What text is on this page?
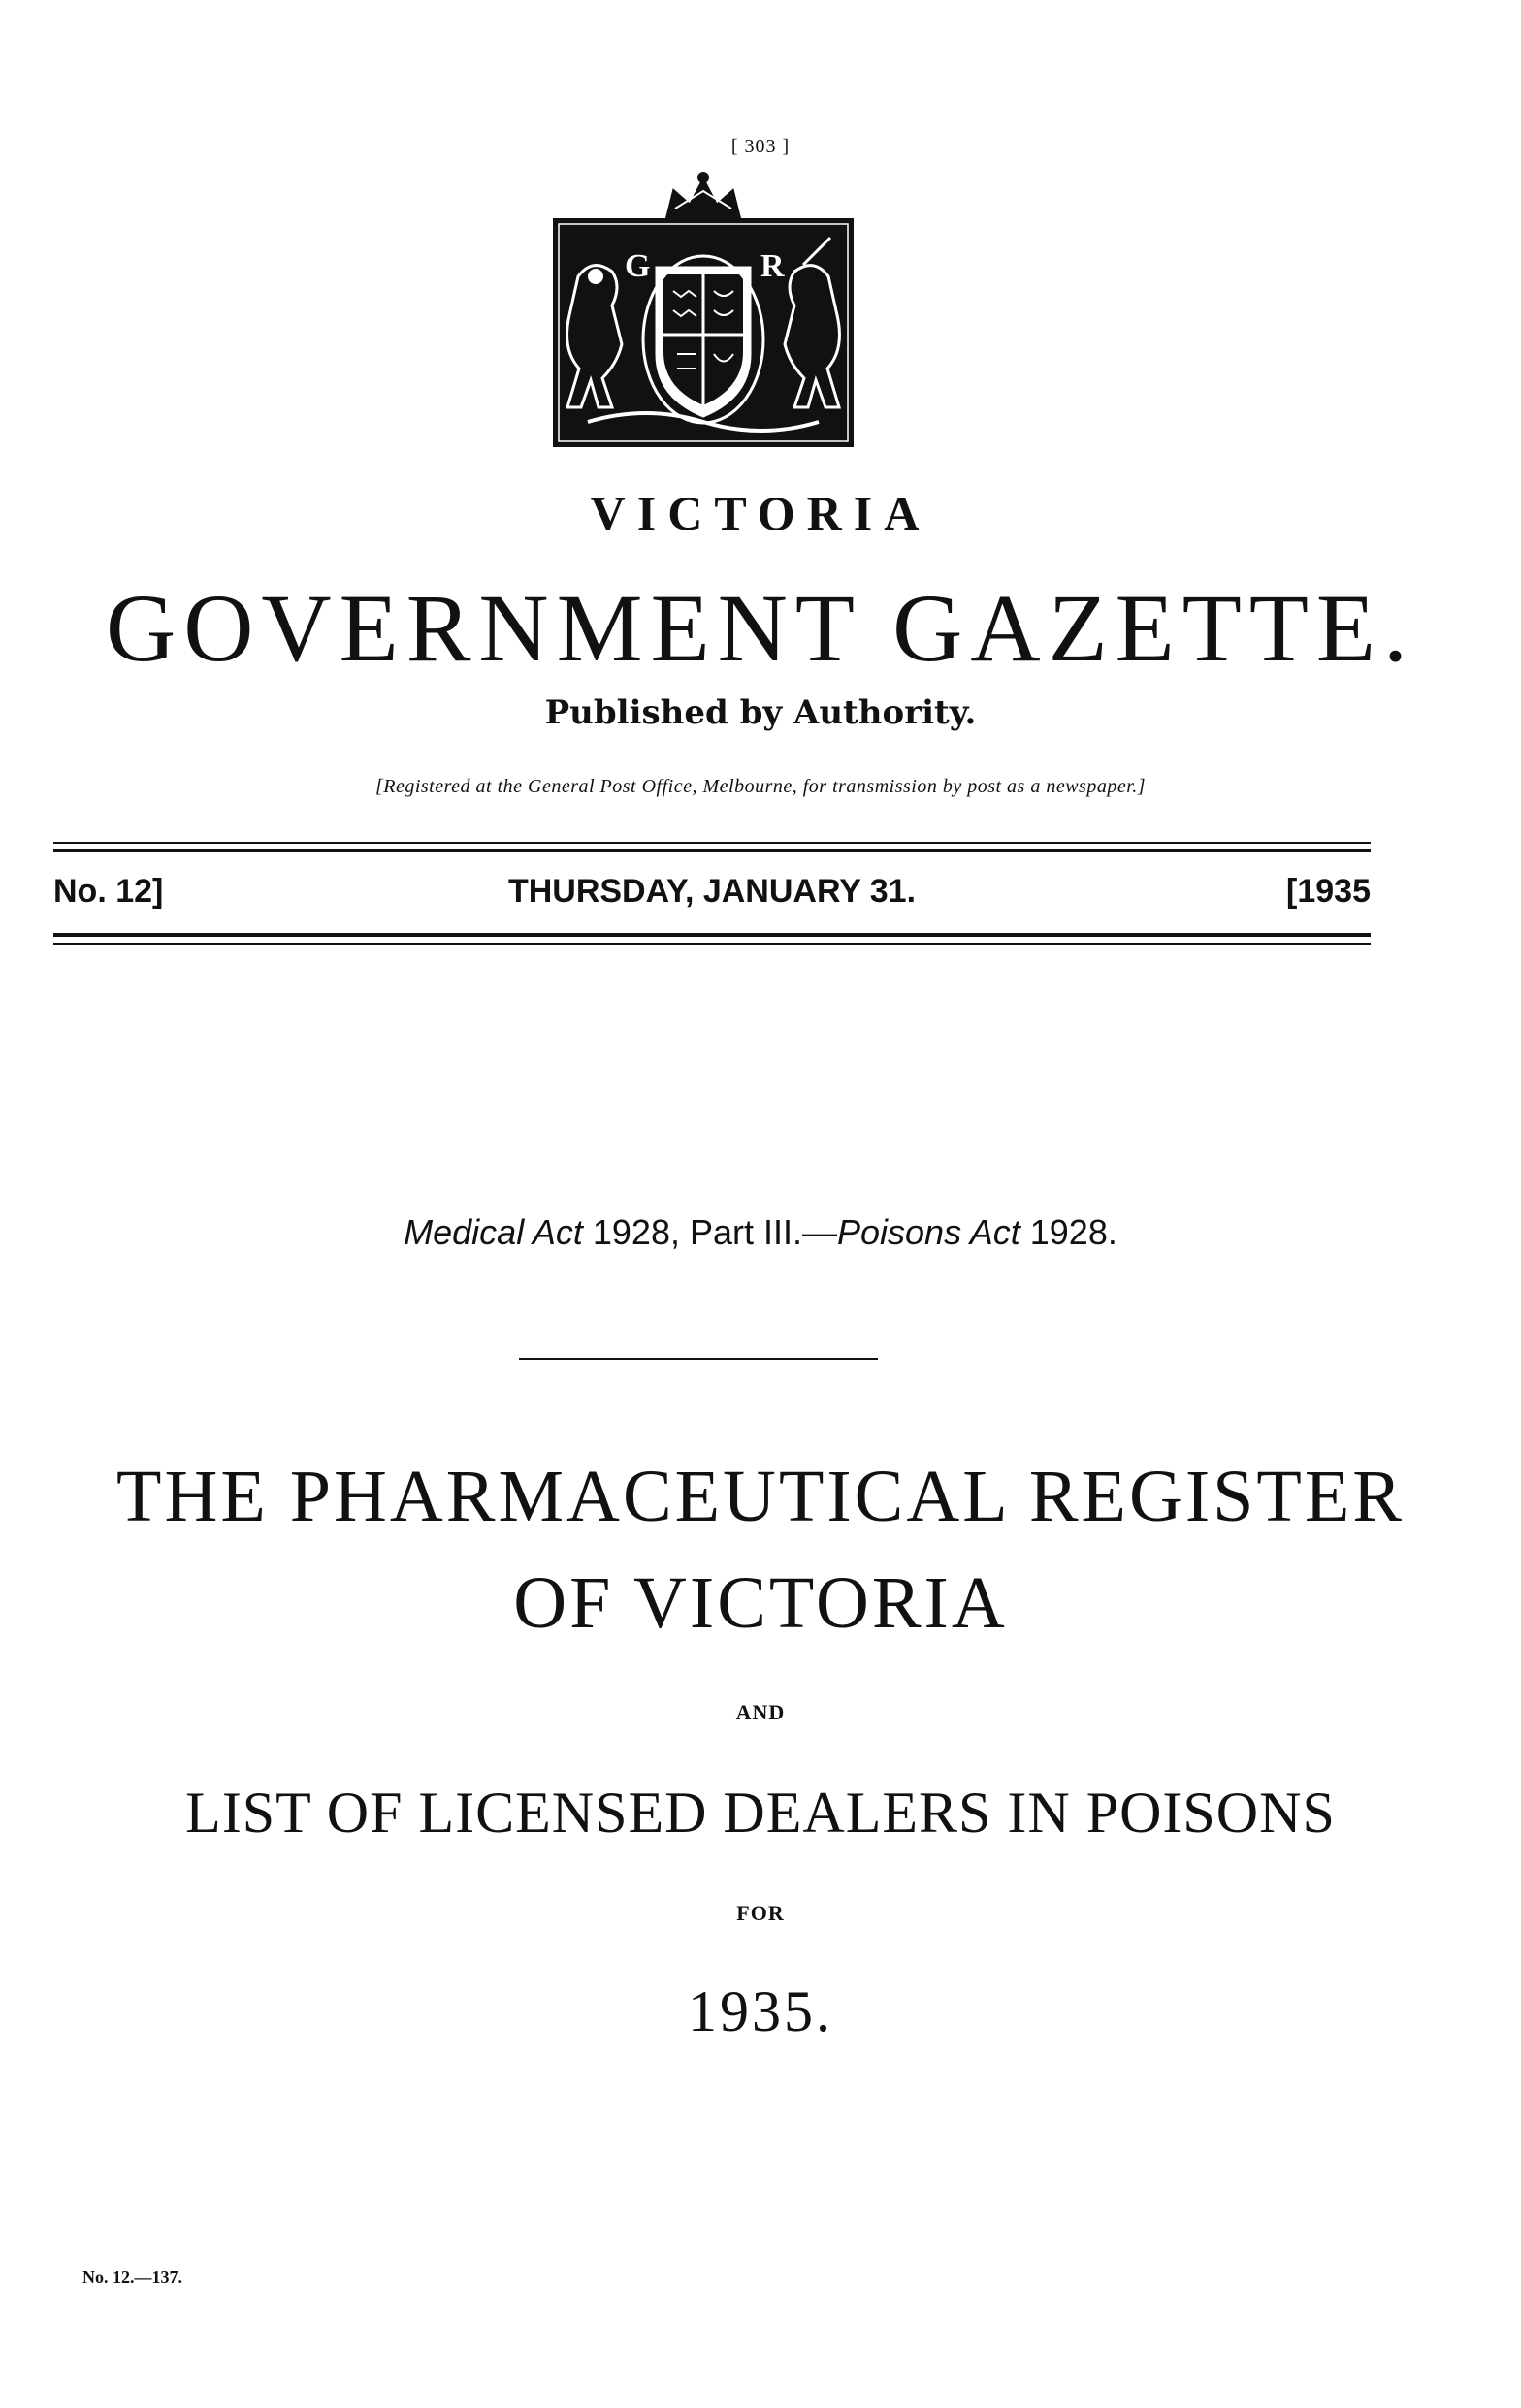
[ 303 ]
G	R
VICTORIA
GOVERNMENT GAZETTE.
Published by Authority.
[Registered at the General Post Office, Melbourne, for transmission by post as a newspaper.]
No. 12]	THURSDAY, JANUARY 31.	[1935
Medical Act 1928, Part III.—Poisons Act 1928.
THE PHARMACEUTICAL REGISTER
OF VICTORIA
AND
LIST OF LICENSED DEALERS IN POISONS
FOR
1935.
No. 12.—137.
